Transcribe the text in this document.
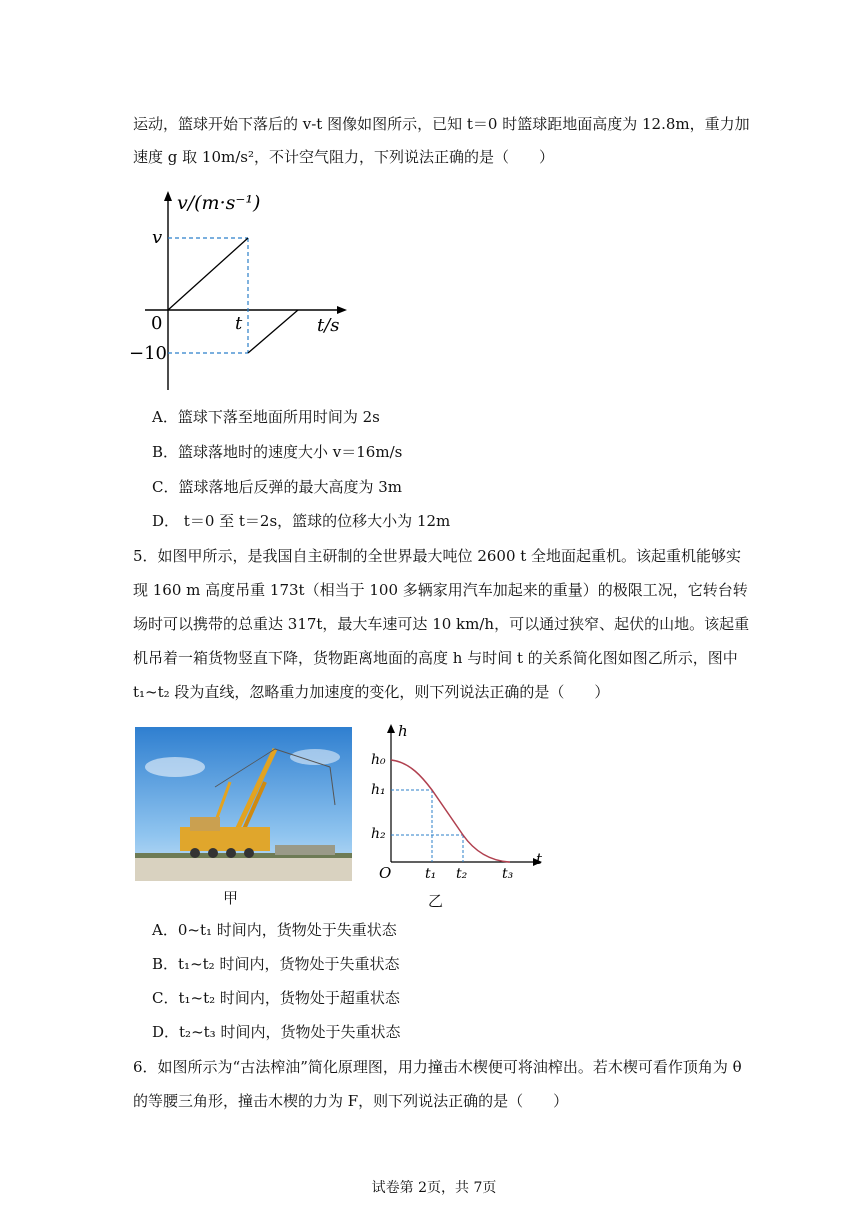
运动，篮球开始下落后的 v-t 图像如图所示，已知 t＝0 时篮球距地面高度为 12.8m，重力加
速度 g 取 10m/s²，不计空气阻力，下列说法正确的是（　　）
v/(m·s⁻¹)
v
0	t	t/s
−10
A．篮球下落至地面所用时间为 2s
B．篮球落地时的速度大小 v＝16m/s
C．篮球落地后反弹的最大高度为 3m
D． t＝0 至 t＝2s，篮球的位移大小为 12m
5．如图甲所示，是我国自主研制的全世界最大吨位 2600 t 全地面起重机。该起重机能够实
现 160 m 高度吊重 173t（相当于 100 多辆家用汽车加起来的重量）的极限工况，它转台转
场时可以携带的总重达 317t，最大车速可达 10 km/h，可以通过狭窄、起伏的山地。该起重
机吊着一箱货物竖直下降，货物距离地面的高度 h 与时间 t 的关系简化图如图乙所示，图中
t₁~t₂ 段为直线，忽略重力加速度的变化，则下列说法正确的是（　　）
甲
h
h₀
h₁
h₂
O t₁ t₂ t₃
t
乙
A．0~t₁ 时间内，货物处于失重状态
B．t₁~t₂ 时间内，货物处于失重状态
C．t₁~t₂ 时间内，货物处于超重状态
D．t₂~t₃ 时间内，货物处于失重状态
6．如图所示为“古法榨油”简化原理图，用力撞击木楔便可将油榨出。若木楔可看作顶角为 θ
的等腰三角形，撞击木楔的力为 F，则下列说法正确的是（　　）
试卷第 2页，共 7页
